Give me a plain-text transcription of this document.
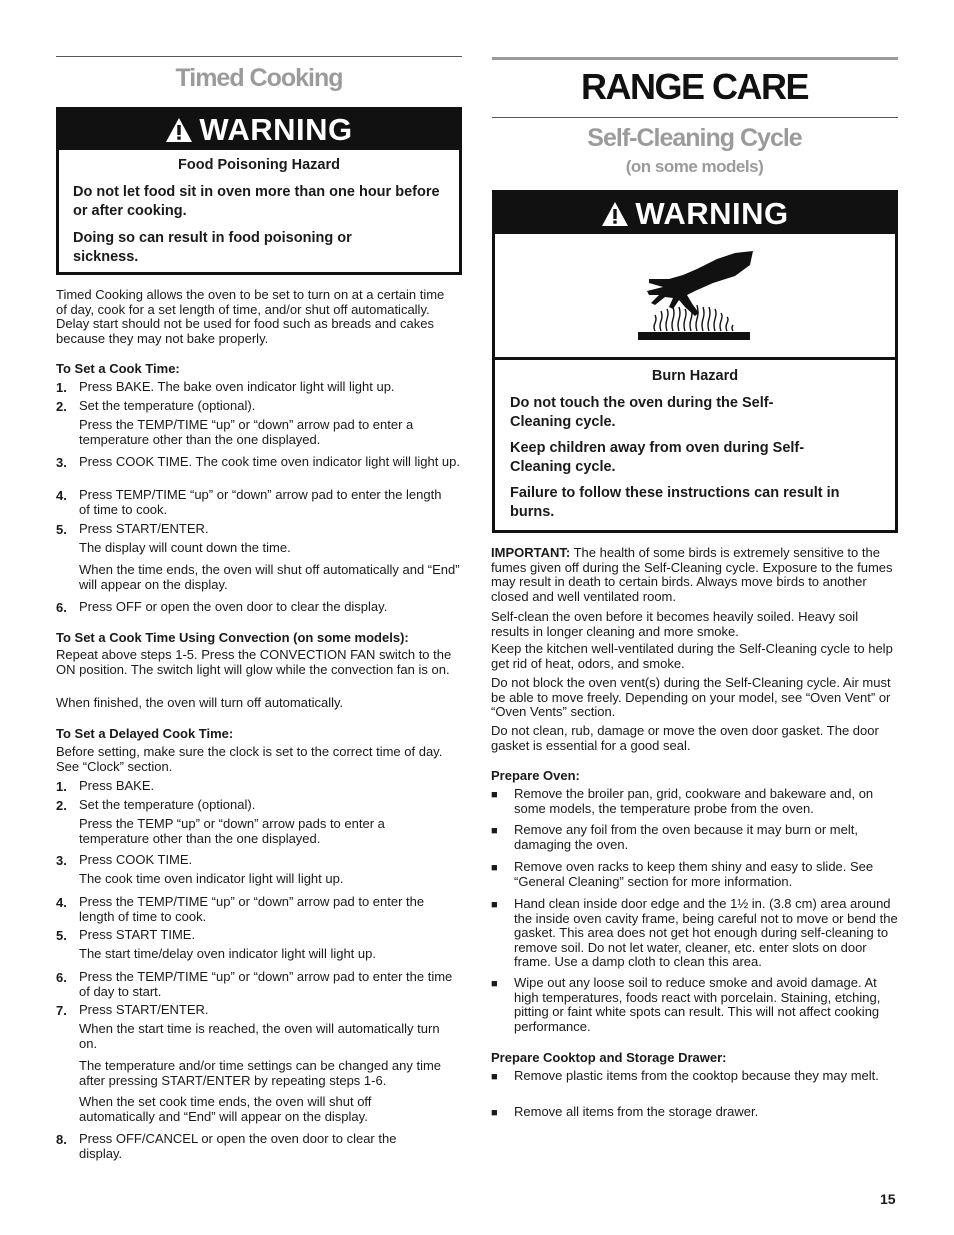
Timed Cooking
WARNING
Food Poisoning Hazard
Do not let food sit in oven more than one hour before or after cooking.
Doing so can result in food poisoning or sickness.
Timed Cooking allows the oven to be set to turn on at a certain time of day, cook for a set length of time, and/or shut off automatically. Delay start should not be used for food such as breads and cakes because they may not bake properly.
To Set a Cook Time:
1. Press BAKE. The bake oven indicator light will light up.
2. Set the temperature (optional).
Press the TEMP/TIME “up” or “down” arrow pad to enter a temperature other than the one displayed.
3. Press COOK TIME. The cook time oven indicator light will light up.
4. Press TEMP/TIME “up” or “down” arrow pad to enter the length of time to cook.
5. Press START/ENTER.
The display will count down the time.
When the time ends, the oven will shut off automatically and “End” will appear on the display.
6. Press OFF or open the oven door to clear the display.
To Set a Cook Time Using Convection (on some models):
Repeat above steps 1-5. Press the CONVECTION FAN switch to the ON position. The switch light will glow while the convection fan is on.
When finished, the oven will turn off automatically.
To Set a Delayed Cook Time:
Before setting, make sure the clock is set to the correct time of day. See “Clock” section.
1. Press BAKE.
2. Set the temperature (optional).
Press the TEMP “up” or “down” arrow pads to enter a temperature other than the one displayed.
3. Press COOK TIME.
The cook time oven indicator light will light up.
4. Press the TEMP/TIME “up” or “down” arrow pad to enter the length of time to cook.
5. Press START TIME.
The start time/delay oven indicator light will light up.
6. Press the TEMP/TIME “up” or “down” arrow pad to enter the time of day to start.
7. Press START/ENTER.
When the start time is reached, the oven will automatically turn on.
The temperature and/or time settings can be changed any time after pressing START/ENTER by repeating steps 1-6.
When the set cook time ends, the oven will shut off automatically and “End” will appear on the display.
8. Press OFF/CANCEL or open the oven door to clear the display.
RANGE CARE
Self-Cleaning Cycle
(on some models)
WARNING
Burn Hazard
Do not touch the oven during the Self-Cleaning cycle.
Keep children away from oven during Self-Cleaning cycle.
Failure to follow these instructions can result in burns.
IMPORTANT: The health of some birds is extremely sensitive to the fumes given off during the Self-Cleaning cycle. Exposure to the fumes may result in death to certain birds. Always move birds to another closed and well ventilated room.
Self-clean the oven before it becomes heavily soiled. Heavy soil results in longer cleaning and more smoke.
Keep the kitchen well-ventilated during the Self-Cleaning cycle to help get rid of heat, odors, and smoke.
Do not block the oven vent(s) during the Self-Cleaning cycle. Air must be able to move freely. Depending on your model, see “Oven Vent” or “Oven Vents” section.
Do not clean, rub, damage or move the oven door gasket. The door gasket is essential for a good seal.
Prepare Oven:
■ Remove the broiler pan, grid, cookware and bakeware and, on some models, the temperature probe from the oven.
■ Remove any foil from the oven because it may burn or melt, damaging the oven.
■ Remove oven racks to keep them shiny and easy to slide. See “General Cleaning” section for more information.
■ Hand clean inside door edge and the 1½ in. (3.8 cm) area around the inside oven cavity frame, being careful not to move or bend the gasket. This area does not get hot enough during self-cleaning to remove soil. Do not let water, cleaner, etc. enter slots on door frame. Use a damp cloth to clean this area.
■ Wipe out any loose soil to reduce smoke and avoid damage. At high temperatures, foods react with porcelain. Staining, etching, pitting or faint white spots can result. This will not affect cooking performance.
Prepare Cooktop and Storage Drawer:
■ Remove plastic items from the cooktop because they may melt.
■ Remove all items from the storage drawer.
15
